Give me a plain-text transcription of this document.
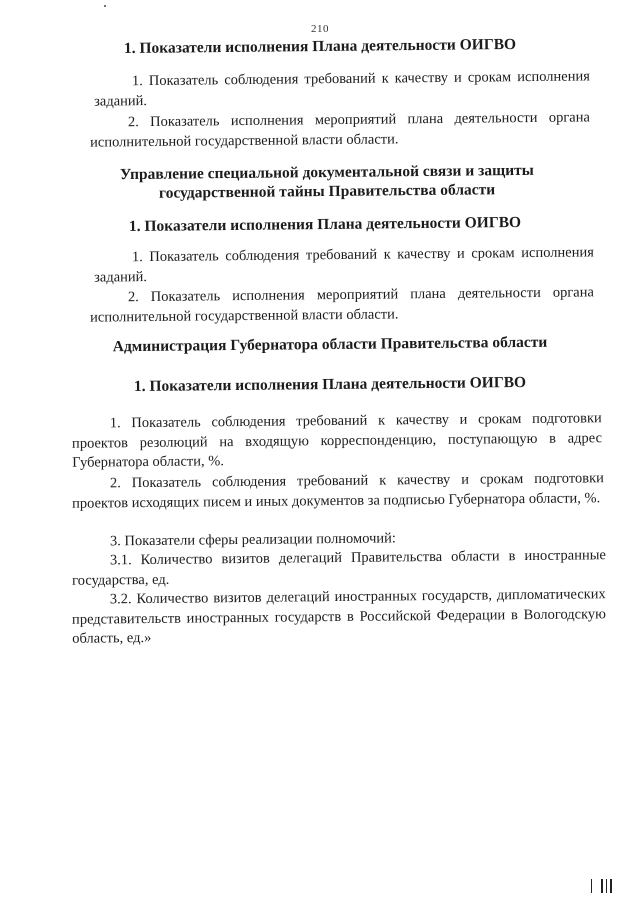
210
1. Показатели исполнения Плана деятельности ОИГВО
1. Показатель соблюдения требований к качеству и срокам исполнения заданий.
2. Показатель исполнения мероприятий плана деятельности органа исполнительной государственной власти области.
Управление специальной документальной связи и защиты государственной тайны Правительства области
1. Показатели исполнения Плана деятельности ОИГВО
1. Показатель соблюдения требований к качеству и срокам исполнения заданий.
2. Показатель исполнения мероприятий плана деятельности органа исполнительной государственной власти области.
Администрация Губернатора области Правительства области
1. Показатели исполнения Плана деятельности ОИГВО
1. Показатель соблюдения требований к качеству и срокам подготовки проектов резолюций на входящую корреспонденцию, поступающую в адрес Губернатора области, %.
2. Показатель соблюдения требований к качеству и срокам подготовки проектов исходящих писем и иных документов за подписью Губернатора области, %.
3. Показатели сферы реализации полномочий:
3.1. Количество визитов делегаций Правительства области в иностранные государства, ед.
3.2. Количество визитов делегаций иностранных государств, дипломатических представительств иностранных государств в Российской Федерации в Вологодскую область, ед.»
